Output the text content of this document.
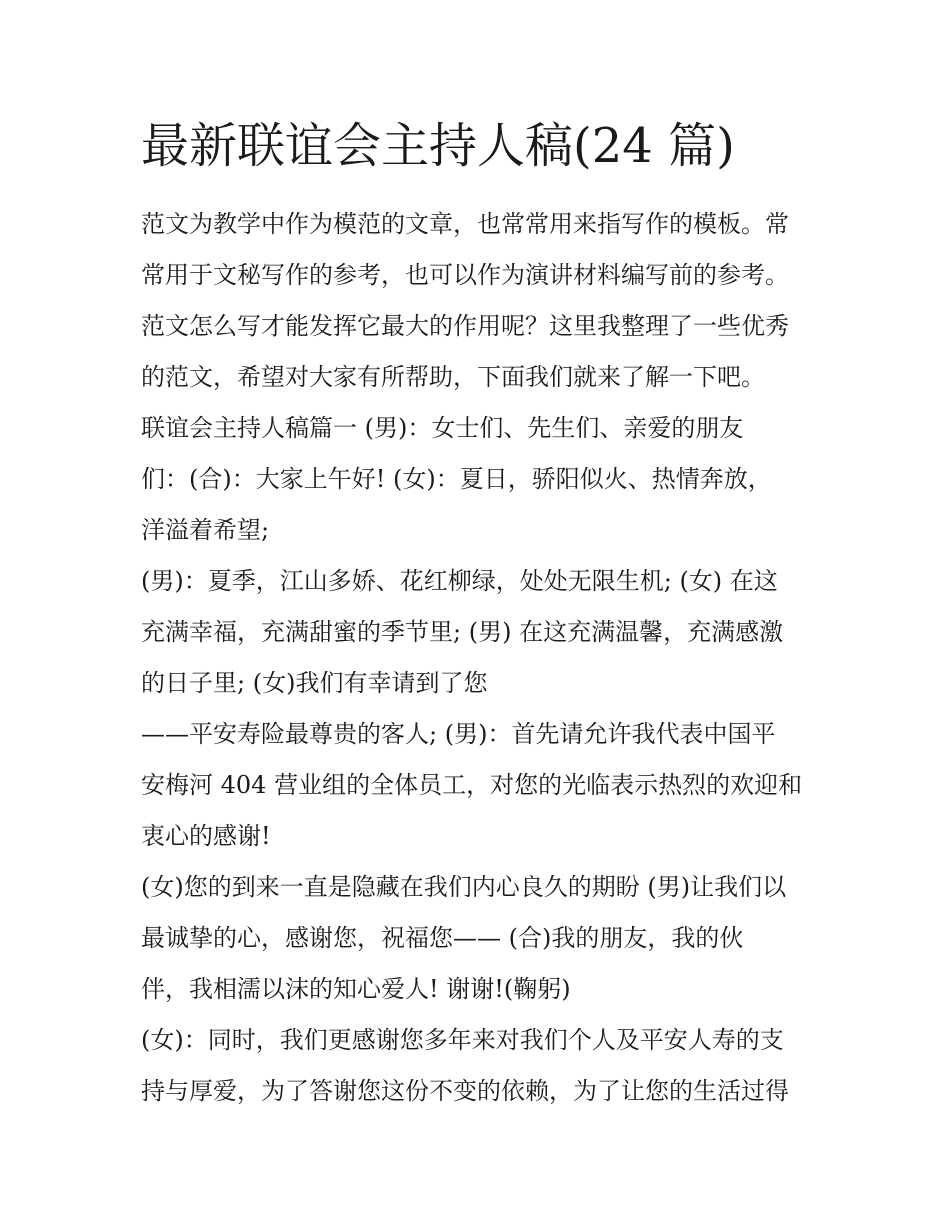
最新联谊会主持人稿(24 篇)
范文为教学中作为模范的文章，也常常用来指写作的模板。常
常用于文秘写作的参考，也可以作为演讲材料编写前的参考。
范文怎么写才能发挥它最大的作用呢？这里我整理了一些优秀
的范文，希望对大家有所帮助，下面我们就来了解一下吧。
联谊会主持人稿篇一 (男)：女士们、先生们、亲爱的朋友
们：(合)：大家上午好! (女)：夏日，骄阳似火、热情奔放，
洋溢着希望;
(男)：夏季，江山多娇、花红柳绿，处处无限生机; (女) 在这
充满幸福，充满甜蜜的季节里; (男) 在这充满温馨，充满感激
的日子里; (女)我们有幸请到了您
——平安寿险最尊贵的客人; (男)：首先请允许我代表中国平
安梅河 404 营业组的全体员工，对您的光临表示热烈的欢迎和
衷心的感谢!
(女)您的到来一直是隐藏在我们内心良久的期盼 (男)让我们以
最诚挚的心，感谢您，祝福您—— (合)我的朋友，我的伙
伴，我相濡以沫的知心爱人! 谢谢!(鞠躬)
(女)：同时，我们更感谢您多年来对我们个人及平安人寿的支
持与厚爱，为了答谢您这份不变的依赖，为了让您的生活过得
